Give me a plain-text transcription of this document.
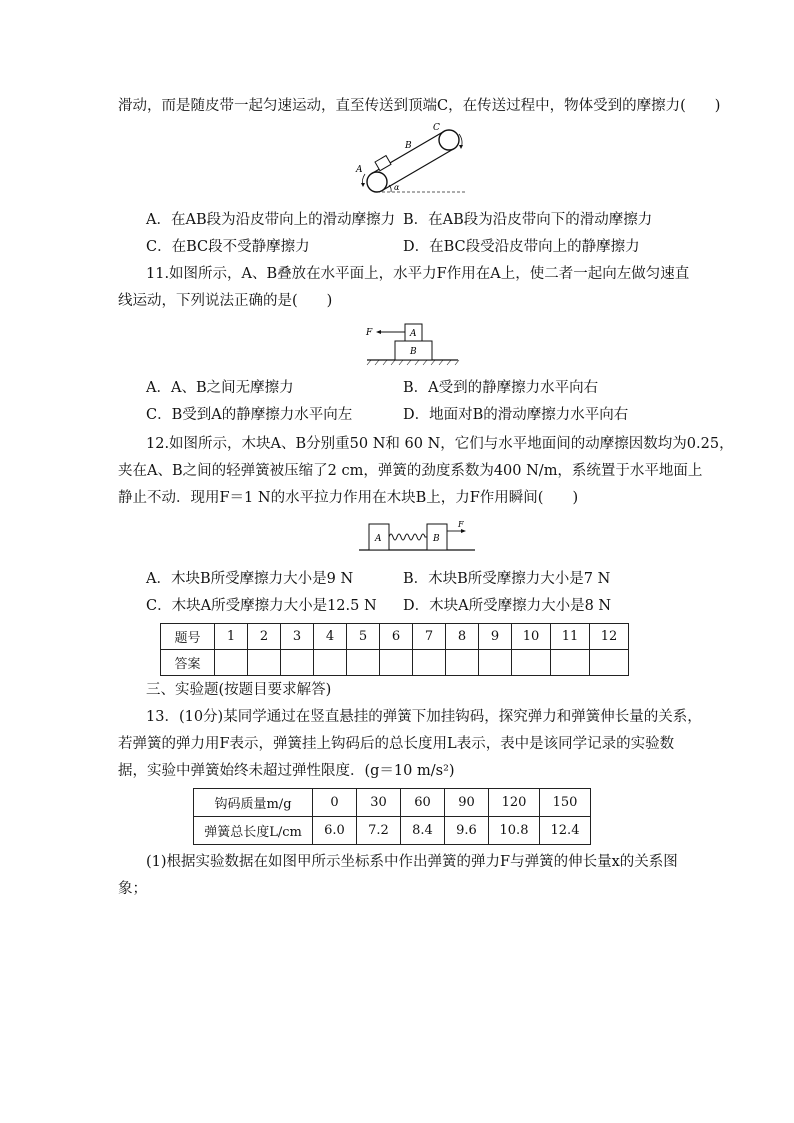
滑动，而是随皮带一起匀速运动，直至传送到顶端C，在传送过程中，物体受到的摩擦力(　　)
A
B
C
α
A．在AB段为沿皮带向上的滑动摩擦力 B．在AB段为沿皮带向下的滑动摩擦力
C．在BC段不受静摩擦力	D．在BC段受沿皮带向上的静摩擦力
11.如图所示，A、B叠放在水平面上，水平力F作用在A上，使二者一起向左做匀速直
线运动，下列说法正确的是(　　)
F	A
B
A．A、B之间无摩擦力	B．A受到的静摩擦力水平向右
C．B受到A的静摩擦力水平向左	D．地面对B的滑动摩擦力水平向右
12.如图所示，木块A、B分别重50 N和 60 N，它们与水平地面间的动摩擦因数均为0.25，
夹在A、B之间的轻弹簧被压缩了2 cm，弹簧的劲度系数为400 N/m，系统置于水平地面上
静止不动．现用F＝1 N的水平拉力作用在木块B上，力F作用瞬间(　　)
A	B
F
A．木块B所受摩擦力大小是9 N	B．木块B所受摩擦力大小是7 N
C．木块A所受摩擦力大小是12.5 N D．木块A所受摩擦力大小是8 N
题号	1	2	3	4	5	6	7	8	9	10	11	12
答案												
三、实验题(按题目要求解答)
13．(10分)某同学通过在竖直悬挂的弹簧下加挂钩码，探究弹力和弹簧伸长量的关系，
若弹簧的弹力用F表示，弹簧挂上钩码后的总长度用L表示，表中是该同学记录的实验数
据，实验中弹簧始终未超过弹性限度．(g＝10 m/s²)
钩码质量m/g	0	30	60	90	120	150
弹簧总长度L/cm	6.0	7.2	8.4	9.6	10.8	12.4
(1)根据实验数据在如图甲所示坐标系中作出弹簧的弹力F与弹簧的伸长量x的关系图
象；
